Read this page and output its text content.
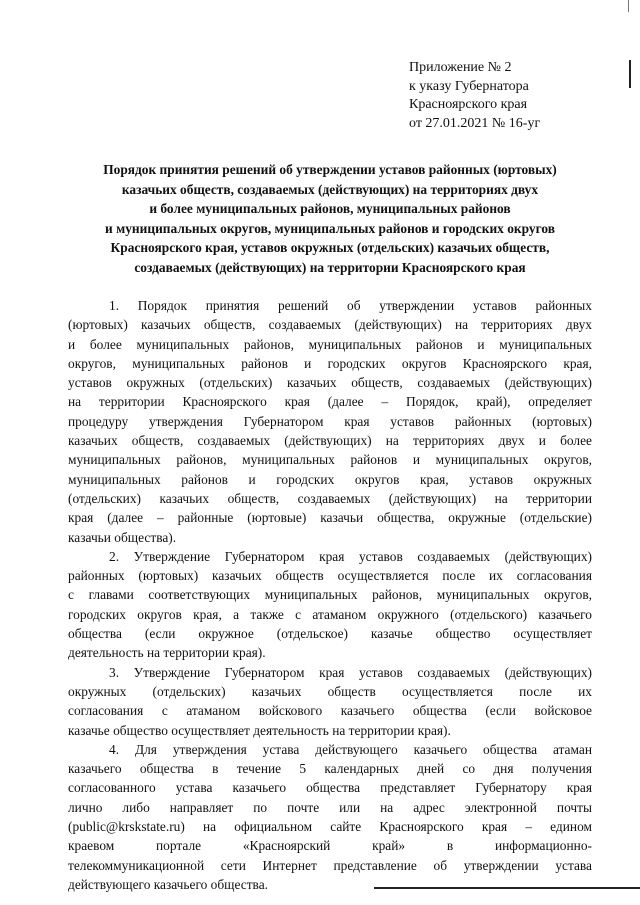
Приложение № 2
к указу Губернатора
Красноярского края
от 27.01.2021 № 16-уг
Порядок принятия решений об утверждении уставов районных (юртовых)
казачьих обществ, создаваемых (действующих) на территориях двух
и более муниципальных районов, муниципальных районов
и муниципальных округов, муниципальных районов и городских округов
Красноярского края, уставов окружных (отдельских) казачьих обществ,
создаваемых (действующих) на территории Красноярского края
1. Порядок принятия решений об утверждении уставов районных
(юртовых) казачьих обществ, создаваемых (действующих) на территориях двух
и более муниципальных районов, муниципальных районов и муниципальных
округов, муниципальных районов и городских округов Красноярского края,
уставов окружных (отдельских) казачьих обществ, создаваемых (действующих)
на территории Красноярского края (далее – Порядок, край), определяет
процедуру утверждения Губернатором края уставов районных (юртовых)
казачьих обществ, создаваемых (действующих) на территориях двух и более
муниципальных районов, муниципальных районов и муниципальных округов,
муниципальных районов и городских округов края, уставов окружных
(отдельских) казачьих обществ, создаваемых (действующих) на территории
края (далее – районные (юртовые) казачьи общества, окружные (отдельские)
казачьи общества).
2. Утверждение Губернатором края уставов создаваемых (действующих)
районных (юртовых) казачьих обществ осуществляется после их согласования
с главами соответствующих муниципальных районов, муниципальных округов,
городских округов края, а также с атаманом окружного (отдельского) казачьего
общества (если окружное (отдельское) казачье общество осуществляет
деятельность на территории края).
3. Утверждение Губернатором края уставов создаваемых (действующих)
окружных (отдельских) казачьих обществ осуществляется после их
согласования с атаманом войскового казачьего общества (если войсковое
казачье общество осуществляет деятельность на территории края).
4. Для утверждения устава действующего казачьего общества атаман
казачьего общества в течение 5 календарных дней со дня получения
согласованного устава казачьего общества представляет Губернатору края
лично либо направляет по почте или на адрес электронной почты
(public@krskstate.ru) на официальном сайте Красноярского края – едином
краевом портале «Красноярский край» в информационно-
телекоммуникационной сети Интернет представление об утверждении устава
действующего казачьего общества.
